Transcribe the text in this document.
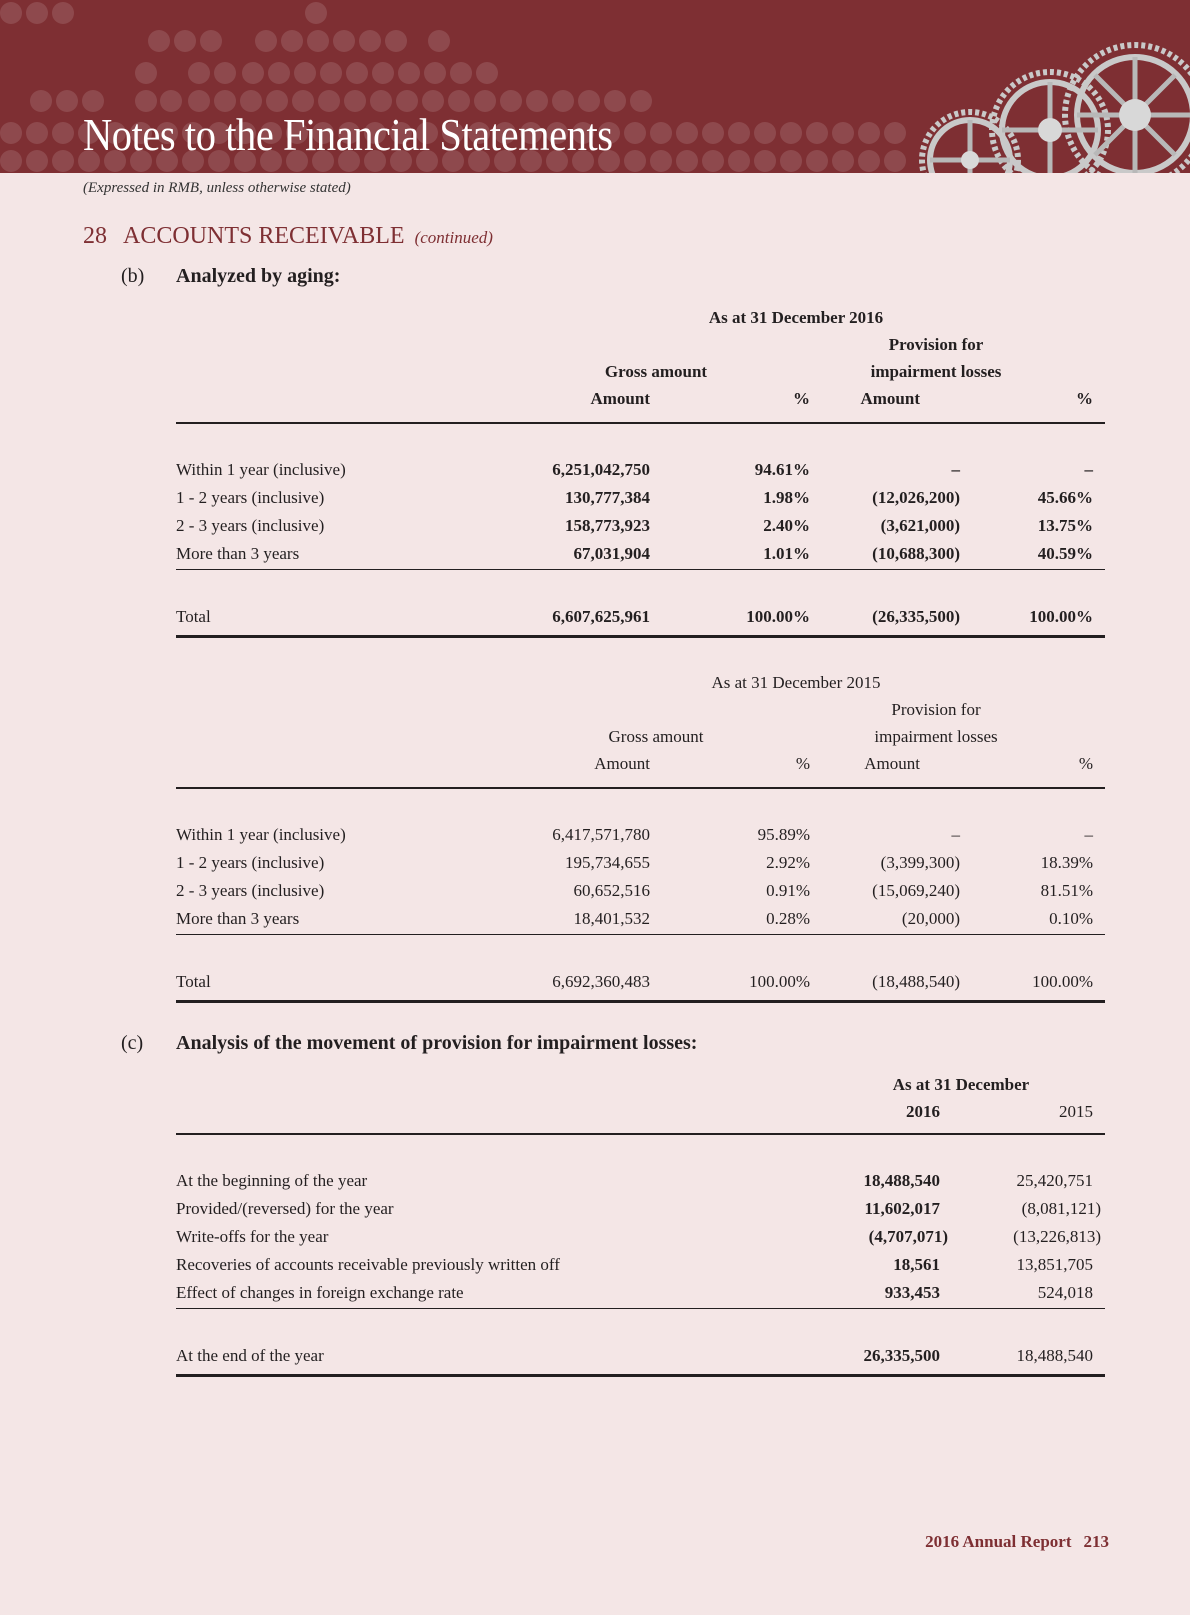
Notes to the Financial Statements
(Expressed in RMB, unless otherwise stated)
28 ACCOUNTS RECEIVABLE (continued)
(b) Analyzed by aging:
As at 31 December 2016
Provision for
Gross amount	impairment losses
Amount	%	Amount	%
Within 1 year (inclusive)	6,251,042,750	94.61%	–	–
1 - 2 years (inclusive)	130,777,384	1.98%	(12,026,200)	45.66%
2 - 3 years (inclusive)	158,773,923	2.40%	(3,621,000)	13.75%
More than 3 years	67,031,904	1.01%	(10,688,300)	40.59%
Total	6,607,625,961	100.00%	(26,335,500)	100.00%
As at 31 December 2015
Provision for
Gross amount	impairment losses
Amount	%	Amount	%
Within 1 year (inclusive)	6,417,571,780	95.89%	–	–
1 - 2 years (inclusive)	195,734,655	2.92%	(3,399,300)	18.39%
2 - 3 years (inclusive)	60,652,516	0.91%	(15,069,240)	81.51%
More than 3 years	18,401,532	0.28%	(20,000)	0.10%
Total	6,692,360,483	100.00%	(18,488,540)	100.00%
(c) Analysis of the movement of provision for impairment losses:
As at 31 December
2016	2015
At the beginning of the year	18,488,540	25,420,751
Provided/(reversed) for the year	11,602,017	(8,081,121)
Write-offs for the year	(4,707,071)	(13,226,813)
Recoveries of accounts receivable previously written off	18,561	13,851,705
Effect of changes in foreign exchange rate	933,453	524,018
At the end of the year	26,335,500	18,488,540
2016 Annual Report 213
